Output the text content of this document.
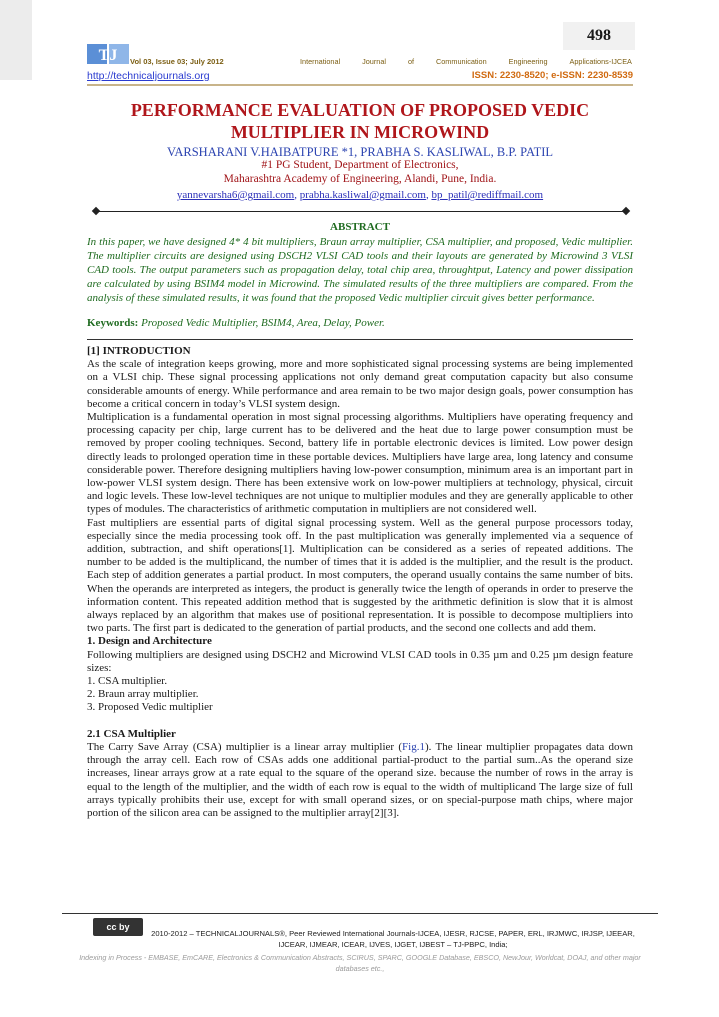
498
TJ Vol 03, Issue 03; July 2012	International	Journal	of	Communication	Engineering	Applications-IJCEA
http://technicaljournals.org	ISSN: 2230-8520; e-ISSN: 2230-8539
PERFORMANCE EVALUATION OF PROPOSED VEDIC
MULTIPLIER IN MICROWIND
VARSHARANI V.HAIBATPURE *1, PRABHA S. KASLIWAL, B.P. PATIL
#1 PG Student, Department of Electronics,
Maharashtra Academy of Engineering, Alandi, Pune, India.
yannevarsha6@gmail.com, prabha.kasliwal@gmail.com, bp_patil@rediffmail.com
ABSTRACT
In this paper, we have designed 4* 4 bit multipliers, Braun array multiplier, CSA multiplier, and proposed, Vedic multiplier. The multiplier circuits are designed using DSCH2 VLSI CAD tools and their layouts are generated by Microwind 3 VLSI CAD tools. The output parameters such as propagation delay, total chip area, throughtput, Latency and power dissipation are calculated by using BSIM4 model in Microwind. The simulated results of the three multipliers are compared. From the analysis of these simulated results, it was found that the proposed Vedic multiplier circuit gives better performance.
Keywords: Proposed Vedic Multiplier, BSIM4, Area, Delay, Power.

[1] INTRODUCTION

As the scale of integration keeps growing, more and more sophisticated signal processing systems are being implemented on a VLSI chip. These signal processing applications not only demand great computation capacity but also consume considerable amounts of energy. While performance and area remain to be two major design goals, power consumption has become a critical concern in today’s VLSI system design.

Multiplication is a fundamental operation in most signal processing algorithms. Multipliers have operating frequency and processing capacity per chip, large current has to be delivered and the heat due to large power consumption must be removed by proper cooling techniques. Second, battery life in portable electronic devices is limited. Low power design directly leads to prolonged operation time in these portable devices. Multipliers have large area, long latency and consume considerable power. Therefore designing multipliers having low-power consumption, minimum area is an important part in low-power VLSI system design. There has been extensive work on low-power multipliers at technology, physical, circuit and logic levels. These low-level techniques are not unique to multiplier modules and they are generally applicable to other types of modules. The characteristics of arithmetic computation in multipliers are not considered well.

Fast multipliers are essential parts of digital signal processing system. Well as the general purpose processors today, especially since the media processing took off. In the past multiplication was generally implemented via a sequence of addition, subtraction, and shift operations[1]. Multiplication can be considered as a series of repeated additions. The number to be added is the multiplicand, the number of times that it is added is the multiplier, and the result is the product. Each step of addition generates a partial product. In most computers, the operand usually contains the same number of bits. When the operands are interpreted as integers, the product is generally twice the length of operands in order to preserve the information content. This repeated addition method that is suggested by the arithmetic definition is slow that it is almost always replaced by an algorithm that makes use of positional representation. It is possible to decompose multipliers into two parts. The first part is dedicated to the generation of partial products, and the second one collects and add them.

1. Design and Architecture

Following multipliers are designed using DSCH2 and Microwind VLSI CAD tools in 0.35 µm and 0.25 µm design feature sizes:

1. CSA multiplier.
2. Braun array multiplier.
3. Proposed Vedic multiplier

2.1 CSA Multiplier

The Carry Save Array (CSA) multiplier is a linear array multiplier (Fig.1). The linear multiplier propagates data down through the array cell. Each row of CSAs adds one additional partial-product to the partial sum..As the operand size increases, linear arrays grow at a rate equal to the square of the operand size. because the number of rows in the array is equal to the length of the multiplier, and the width of each row is equal to the width of multiplicand The large size of full arrays typically prohibits their use, except for with small operand sizes, or on special-purpose math chips, where major portion of the silicon area can be assigned to the multiplier array[2][3].

cc by
2010-2012 – TECHNICALJOURNALS®, Peer Reviewed International Journals-IJCEA, IJESR, RJCSE, PAPER, ERL, IRJMWC, IRJSP, IJEEAR, IJCEAR, IJMEAR, ICEAR, IJVES, IJGET, IJBEST – TJ-PBPC, India;
Indexing in Process - EMBASE, EmCARE, Electronics & Communication Abstracts, SCIRUS, SPARC, GOOGLE Database, EBSCO, NewJour, Worldcat, DOAJ, and other major databases etc.,
